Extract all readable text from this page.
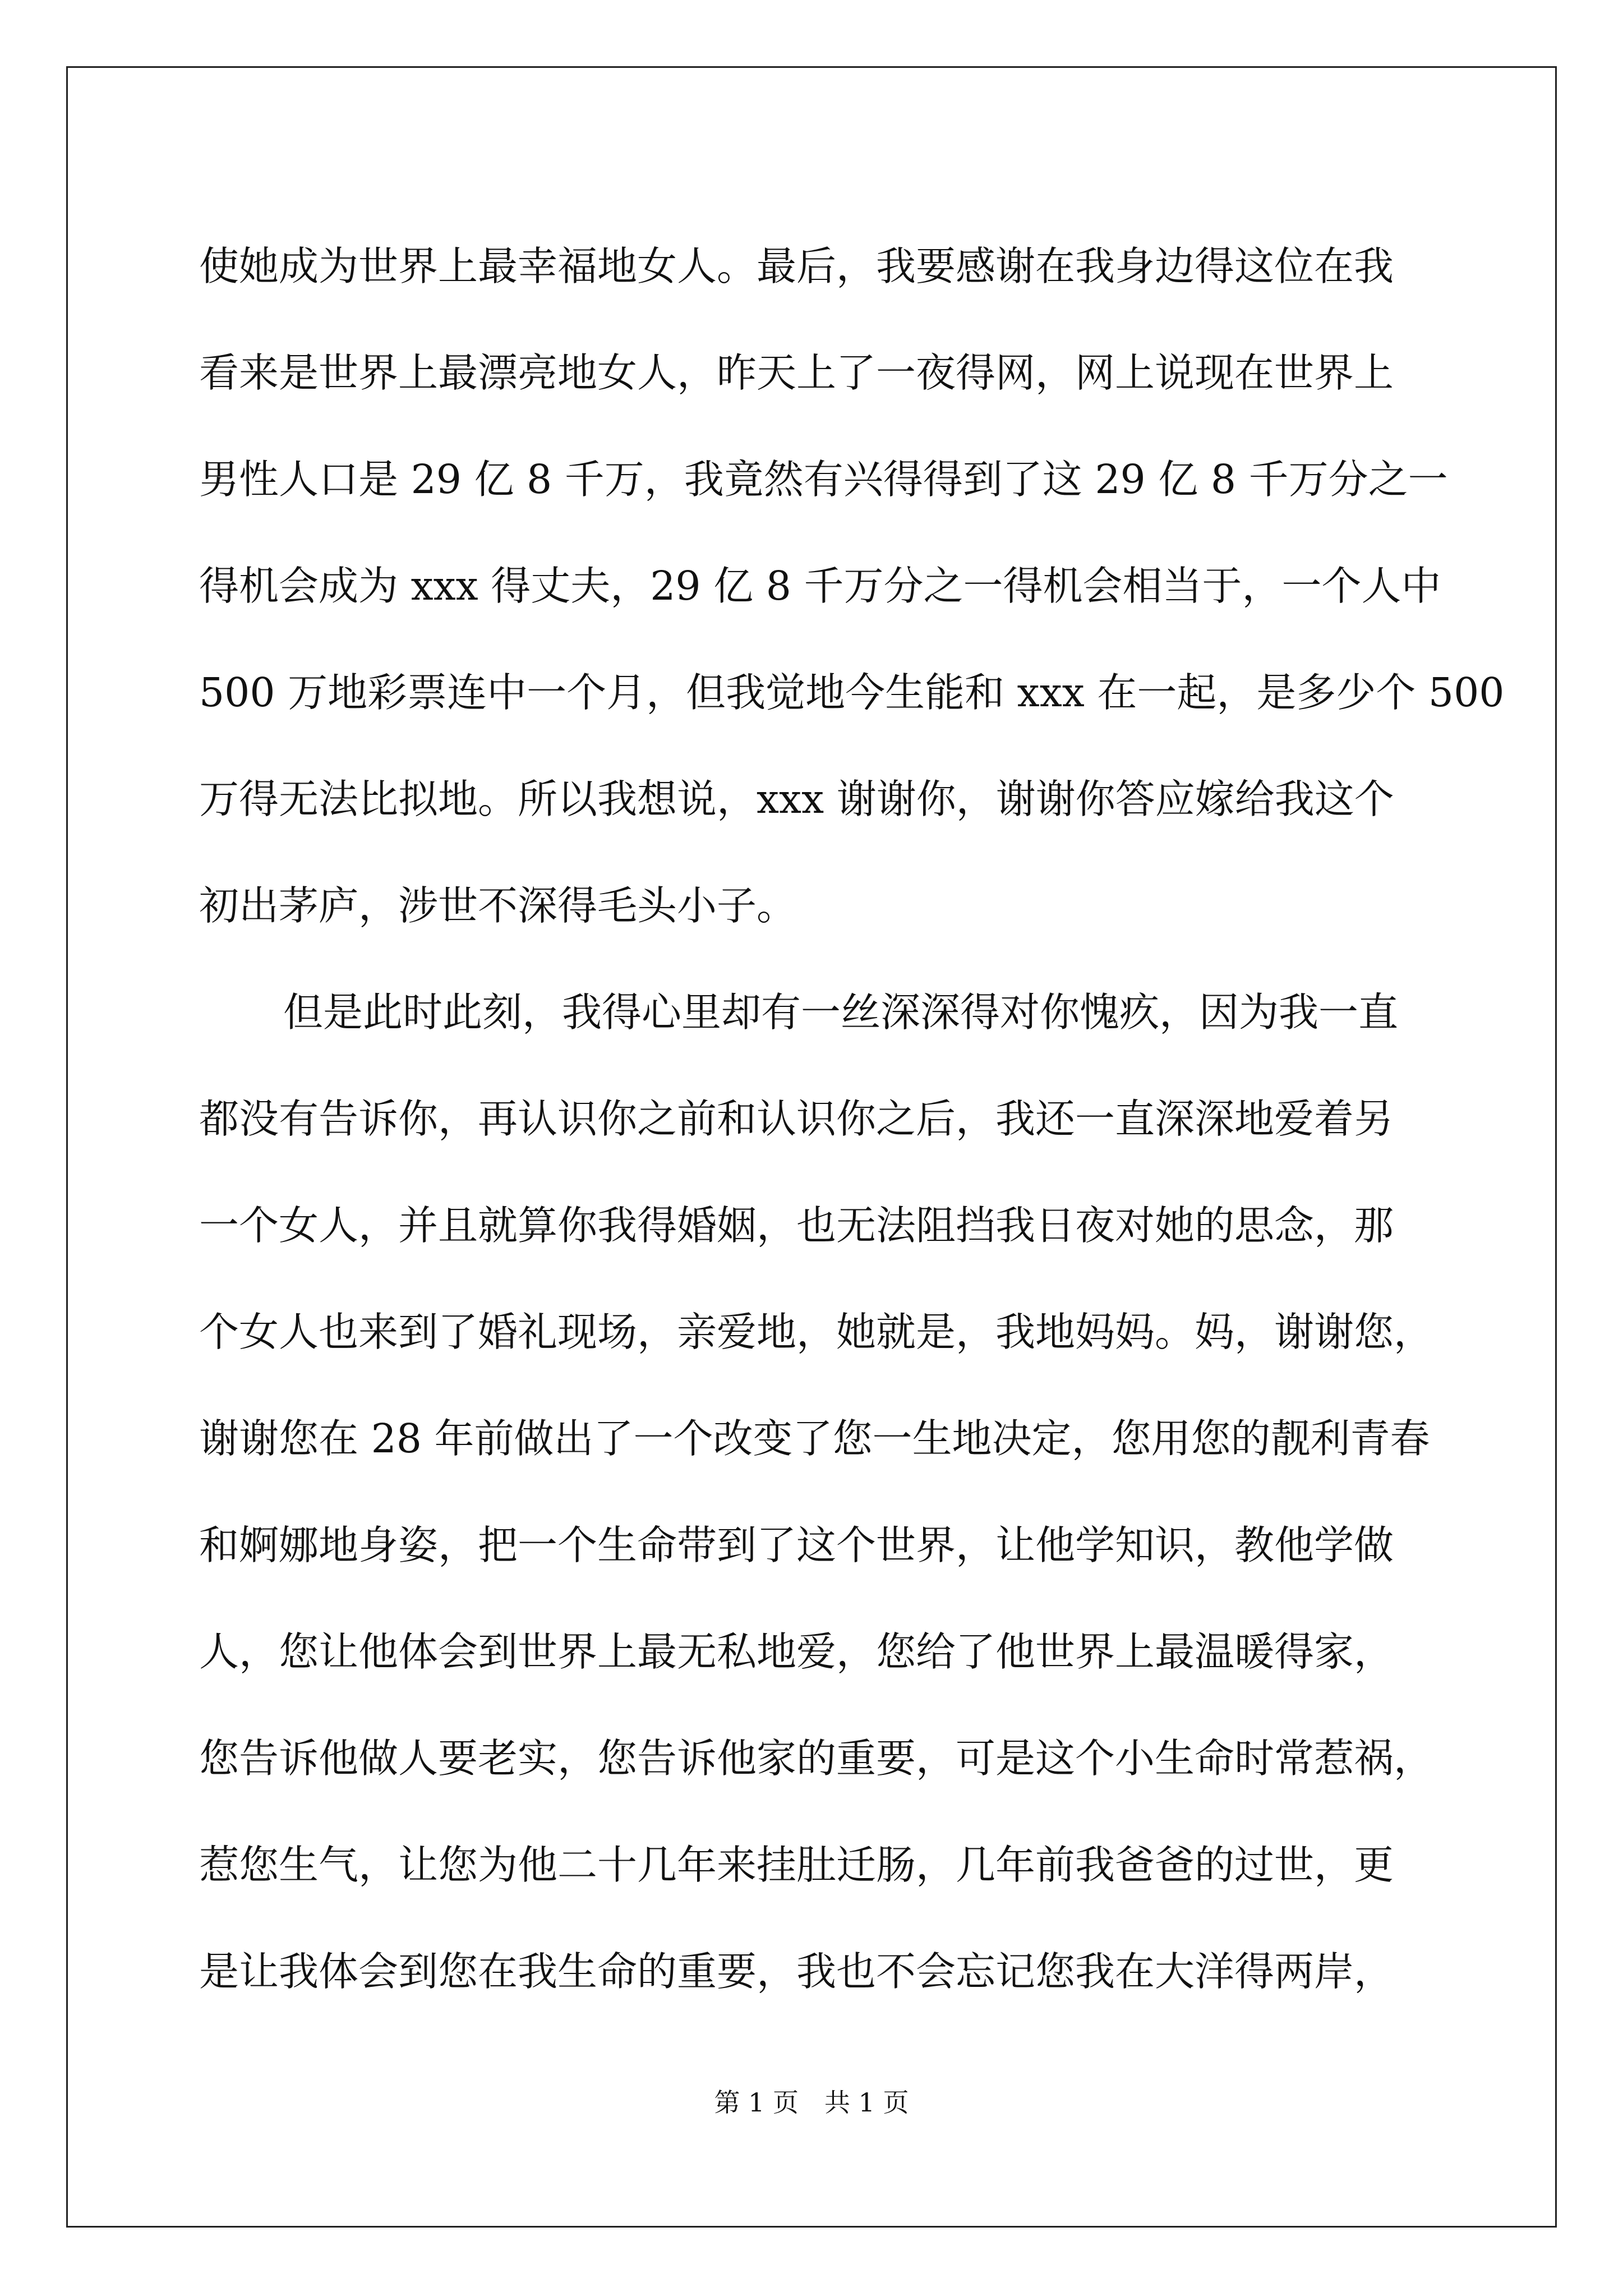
使她成为世界上最幸福地女人。最后，我要感谢在我身边得这位在我
看来是世界上最漂亮地女人，昨天上了一夜得网，网上说现在世界上
男性人口是 29 亿 8 千万，我竟然有兴得得到了这 29 亿 8 千万分之一
得机会成为 xxx 得丈夫，29 亿 8 千万分之一得机会相当于，一个人中
500 万地彩票连中一个月，但我觉地今生能和 xxx 在一起，是多少个 500
万得无法比拟地。所以我想说，xxx 谢谢你，谢谢你答应嫁给我这个
初出茅庐，涉世不深得毛头小子。
但是此时此刻，我得心里却有一丝深深得对你愧疚，因为我一直
都没有告诉你，再认识你之前和认识你之后，我还一直深深地爱着另
一个女人，并且就算你我得婚姻，也无法阻挡我日夜对她的思念，那
个女人也来到了婚礼现场，亲爱地，她就是，我地妈妈。妈，谢谢您，
谢谢您在 28 年前做出了一个改变了您一生地决定，您用您的靓利青春
和婀娜地身姿，把一个生命带到了这个世界，让他学知识，教他学做
人，您让他体会到世界上最无私地爱，您给了他世界上最温暖得家，
您告诉他做人要老实，您告诉他家的重要，可是这个小生命时常惹祸，
惹您生气，让您为他二十几年来挂肚迁肠，几年前我爸爸的过世，更
是让我体会到您在我生命的重要，我也不会忘记您我在大洋得两岸，
第 1 页 共 1 页
